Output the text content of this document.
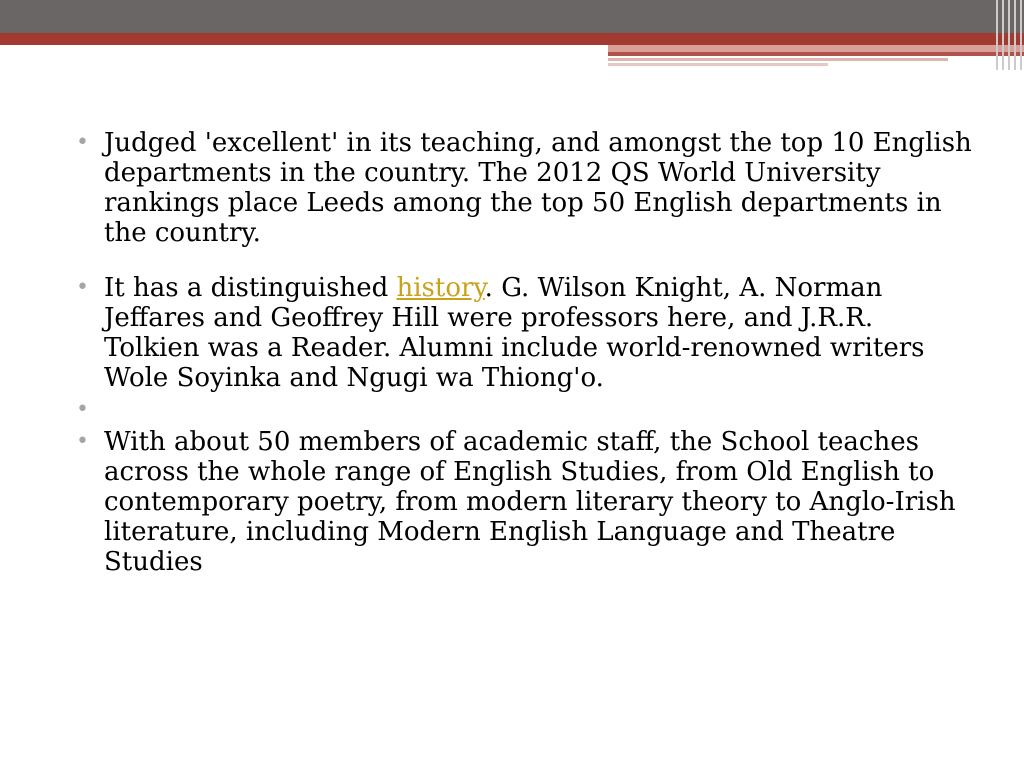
• Judged 'excellent' in its teaching, and amongst the top 10 English departments in the country. The 2012 QS World University rankings place Leeds among the top 50 English departments in the country.
• It has a distinguished history. G. Wilson Knight, A. Norman Jeffares and Geoffrey Hill were professors here, and J.R.R. Tolkien was a Reader. Alumni include world-renowned writers Wole Soyinka and Ngugi wa Thiong'o.
•

• With about 50 members of academic staff, the School teaches across the whole range of English Studies, from Old English to contemporary poetry, from modern literary theory to Anglo-Irish literature, including Modern English Language and Theatre Studies
